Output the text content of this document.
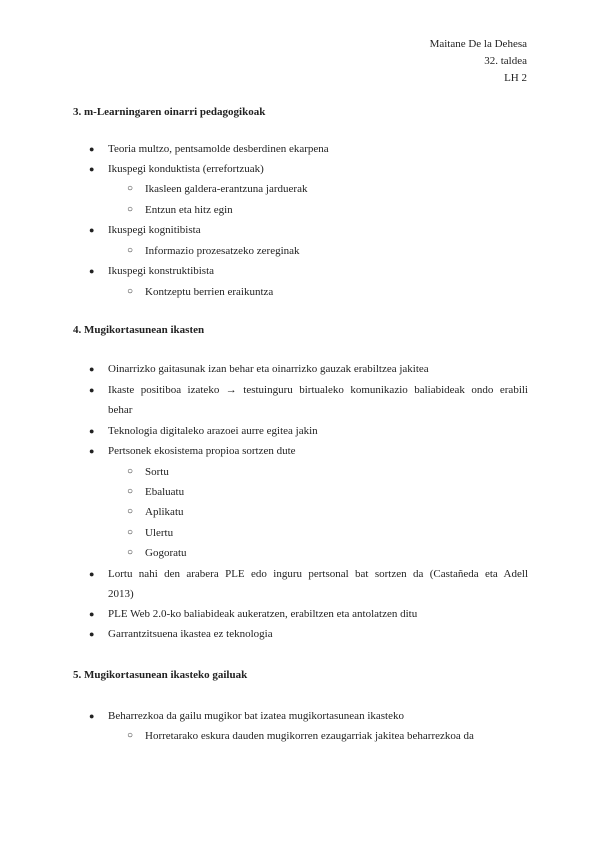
Maitane De la Dehesa
32. taldea
LH 2
3. m-Learningaren oinarri pedagogikoak
● Teoria multzo, pentsamolde desberdinen ekarpena
● Ikuspegi konduktista (errefortzuak)
○ Ikasleen galdera-erantzuna jarduerak
○ Entzun eta hitz egin
● Ikuspegi kognitibista
○ Informazio prozesatzeko zereginak
● Ikuspegi konstruktibista
○ Kontzeptu berrien eraikuntza
4. Mugikortasunean ikasten
● Oinarrizko gaitasunak izan behar eta oinarrizko gauzak erabiltzea jakitea
● Ikaste positiboa izateko → testuinguru birtualeko komunikazio baliabideak ondo erabili
behar
● Teknologia digitaleko arazoei aurre egitea jakin
● Pertsonek ekosistema propioa sortzen dute
○ Sortu
○ Ebaluatu
○ Aplikatu
○ Ulertu
○ Gogoratu
● Lortu nahi den arabera PLE edo inguru pertsonal bat sortzen da (Castañeda eta Adell
2013)
● PLE Web 2.0-ko baliabideak aukeratzen, erabiltzen eta antolatzen ditu
● Garrantzitsuena ikastea ez teknologia
5. Mugikortasunean ikasteko gailuak
● Beharrezkoa da gailu mugikor bat izatea mugikortasunean ikasteko
○ Horretarako eskura dauden mugikorren ezaugarriak jakitea beharrezkoa da
